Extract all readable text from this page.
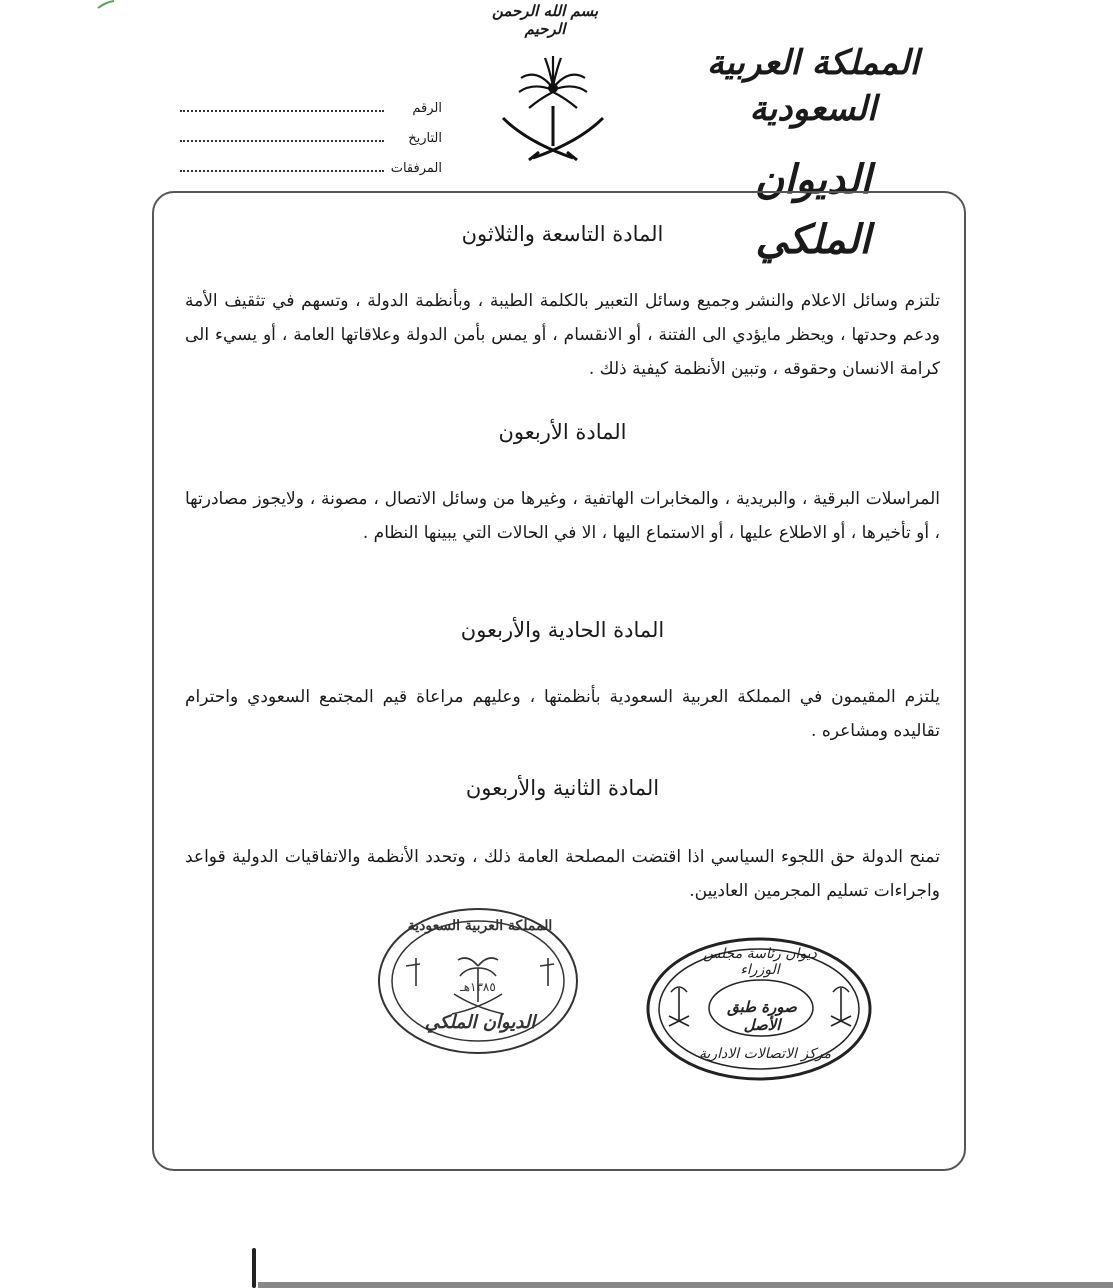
بسم الله الرحمن الرحيم
المملكة العربية السعودية
الديوان الملكي
الرقم
التاريخ
المرفقات
المادة التاسعة والثلاثون
تلتزم وسائل الاعلام والنشر وجميع وسائل التعبير بالكلمة الطيبة ، وبأنظمة الدولة ، وتسهم في تثقيف الأمة ودعم وحدتها ، ويحظر مايؤدي الى الفتنة ، أو الانقسام ، أو يمس بأمن الدولة وعلاقاتها العامة ، أو يسيء الى كرامة الانسان وحقوقه ، وتبين الأنظمة كيفية ذلك .
المادة الأربعون
المراسلات البرقية ، والبريدية ، والمخابرات الهاتفية ، وغيرها من وسائل الاتصال ، مصونة ، ولايجوز مصادرتها ، أو تأخيرها ، أو الاطلاع عليها ، أو الاستماع اليها ، الا في الحالات التي يبينها النظام .
المادة الحادية والأربعون
يلتزم المقيمون في المملكة العربية السعودية بأنظمتها ، وعليهم مراعاة قيم المجتمع السعودي واحترام تقاليده ومشاعره .
المادة الثانية والأربعون
تمنح الدولة حق اللجوء السياسي اذا اقتضت المصلحة العامة ذلك ، وتحدد الأنظمة والاتفاقيات الدولية قواعد واجراءات تسليم المجرمين العاديين.
المملكة العربية السعودية
١٣٨٥هـ
الديوان الملكي
ديوان رئاسة مجلس الوزراء
صورة طبق الأصل
مركز الاتصالات الادارية
